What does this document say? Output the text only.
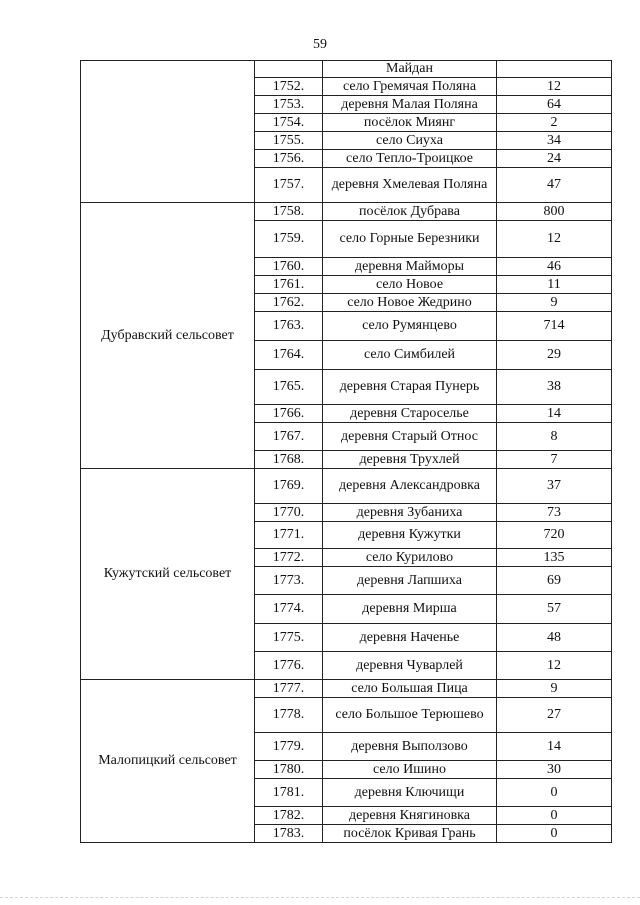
59
		Майдан	
	1752.	село Гремячая Поляна	12
	1753.	деревня Малая Поляна	64
	1754.	посёлок Миянг	2
	1755.	село Сиуха	34
	1756.	село Тепло-Троицкое	24
	1757.	деревня Хмелевая Поляна	47
Дубравский сельсовет	1758.	посёлок Дубрава	800
	1759.	село Горные Березники	12
	1760.	деревня Майморы	46
	1761.	село Новое	11
	1762.	село Новое Жедрино	9
	1763.	село Румянцево	714
	1764.	село Симбилей	29
	1765.	деревня Старая Пунерь	38
	1766.	деревня Староселье	14
	1767.	деревня Старый Относ	8
	1768.	деревня Трухлей	7
Кужутский сельсовет	1769.	деревня Александровка	37
	1770.	деревня Зубаниха	73
	1771.	деревня Кужутки	720
	1772.	село Курилово	135
	1773.	деревня Лапшиха	69
	1774.	деревня Мирша	57
	1775.	деревня Наченье	48
	1776.	деревня Чуварлей	12
Малопицкий сельсовет	1777.	село Большая Пица	9
	1778.	село Большое Терюшево	27
	1779.	деревня Выползово	14
	1780.	село Ишино	30
	1781.	деревня Ключищи	0
	1782.	деревня Княгиновка	0
	1783.	посёлок Кривая Грань	0
